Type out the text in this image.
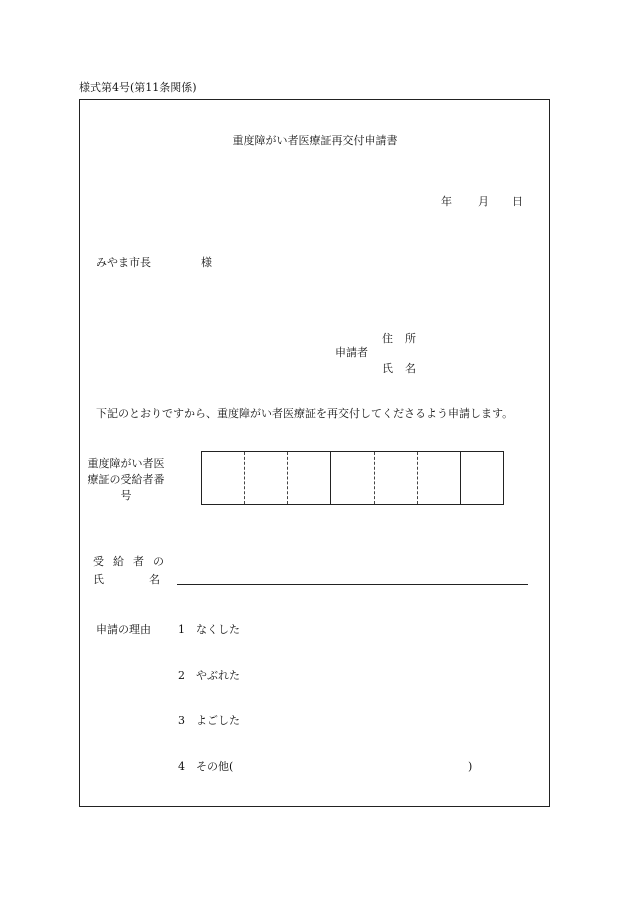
様式第4号(第11条関係)
重度障がい者医療証再交付申請書
年 月 日
みやま市長	様
住所
申請者
氏名
下記のとおりですから、重度障がい者医療証を再交付してくださるよう申請します。
重度障がい者医療証の受給者番号
受給者の
氏	名
申請の理由 1 なくした
2 やぶれた
3 よごした
4 その他(	)
